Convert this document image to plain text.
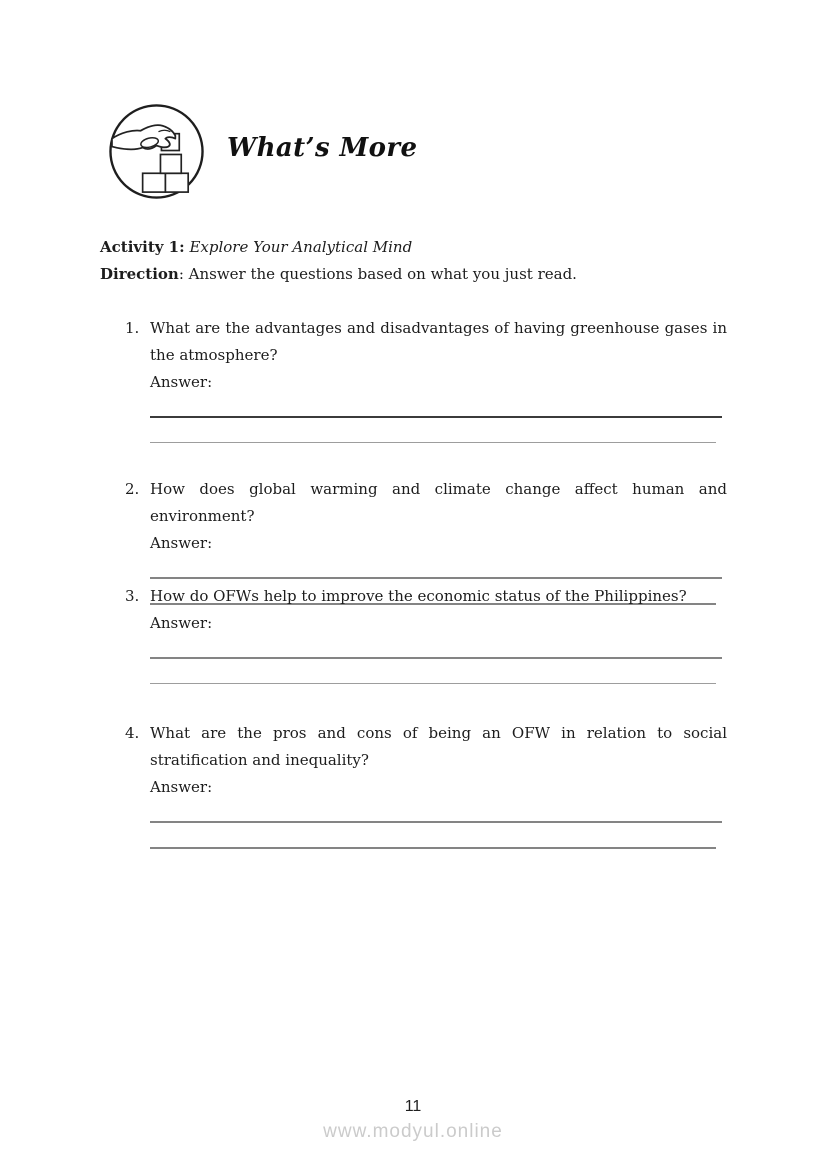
What’s More
Activity 1: Explore Your Analytical Mind
Direction: Answer the questions based on what you just read.
1. What are the advantages and disadvantages of having greenhouse gases in the atmosphere?
Answer:
2. How does global warming and climate change affect human and environment?
Answer:
3. How do OFWs help to improve the economic status of the Philippines?
Answer:
4. What are the pros and cons of being an OFW in relation to social stratification and inequality?
Answer:
11
www.modyul.online
